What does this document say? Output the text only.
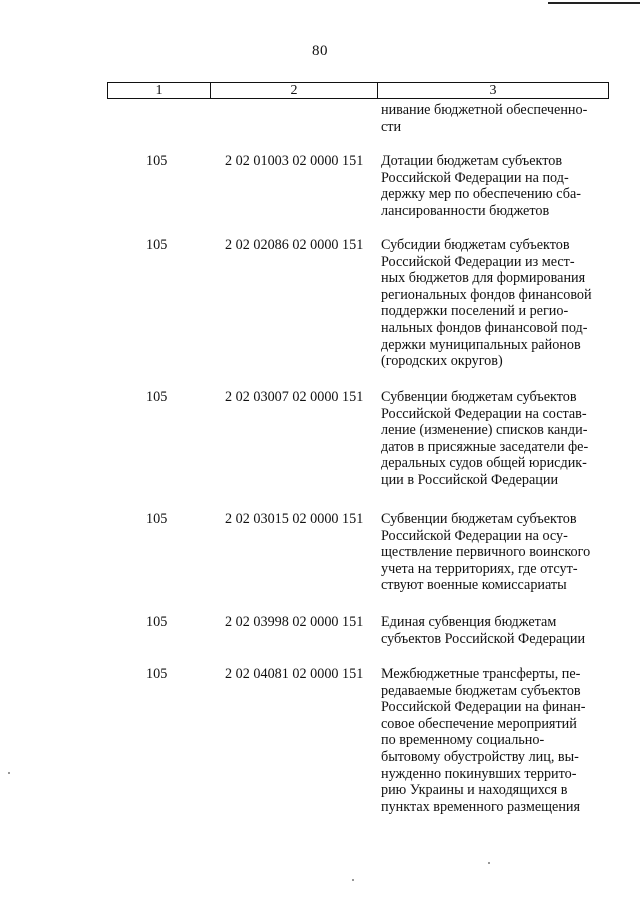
80
1	2	3
нивание бюджетной обеспеченно-
сти
105	2 02 01003 02 0000 151	Дотации бюджетам субъектов
Российской Федерации на под-
держку мер по обеспечению сба-
лансированности бюджетов
105	2 02 02086 02 0000 151	Субсидии бюджетам субъектов
Российской Федерации из мест-
ных бюджетов для формирования
региональных фондов финансовой
поддержки поселений и регио-
нальных фондов финансовой под-
держки муниципальных районов
(городских округов)
105	2 02 03007 02 0000 151	Субвенции бюджетам субъектов
Российской Федерации на состав-
ление (изменение) списков канди-
датов в присяжные заседатели фе-
деральных судов общей юрисдик-
ции в Российской Федерации
105	2 02 03015 02 0000 151	Субвенции бюджетам субъектов
Российской Федерации на осу-
ществление первичного воинского
учета на территориях, где отсут-
ствуют военные комиссариаты
105	2 02 03998 02 0000 151	Единая субвенция бюджетам
субъектов Российской Федерации
105	2 02 04081 02 0000 151	Межбюджетные трансферты, пе-
редаваемые бюджетам субъектов
Российской Федерации на финан-
совое обеспечение мероприятий
по временному социально-
бытовому обустройству лиц, вы-
нужденно покинувших террито-
рию Украины и находящихся в
пунктах временного размещения
